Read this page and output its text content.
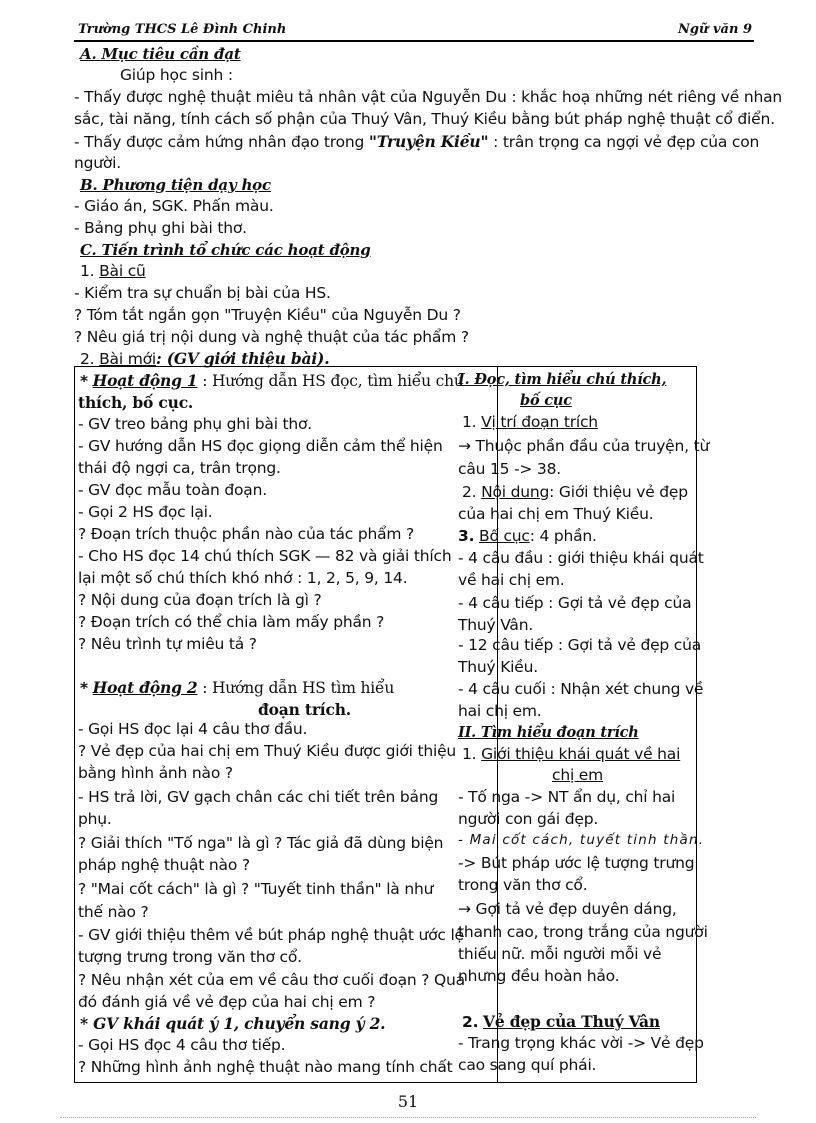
Trường THCS Lê Đình Chinh	Ngữ văn 9
A. Mục tiêu cần đạt
Giúp học sinh :
- Thấy được nghệ thuật miêu tả nhân vật của Nguyễn Du : khắc hoạ những nét riêng về nhan
sắc, tài năng, tính cách số phận của Thuý Vân, Thuý Kiều bằng bút pháp nghệ thuật cổ điển.
- Thấy được cảm hứng nhân đạo trong "Truyện Kiều" : trân trọng ca ngợi vẻ đẹp của con
người.
B. Phương tiện dạy học
- Giáo án, SGK. Phấn màu.
- Bảng phụ ghi bài thơ.
C. Tiến trình tổ chức các hoạt động
1. Bài cũ
- Kiểm tra sự chuẩn bị bài của HS.
? Tóm tắt ngắn gọn "Truyện Kiều" của Nguyễn Du ?
? Nêu giá trị nội dung và nghệ thuật của tác phẩm ?
2. Bài mới: (GV giới thiệu bài).
* Hoạt động 1 : Hướng dẫn HS đọc, tìm hiểu chú
thích, bố cục.
- GV treo bảng phụ ghi bài thơ.
- GV hướng dẫn HS đọc giọng diễn cảm thể hiện
thái độ ngợi ca, trân trọng.
- GV đọc mẫu toàn đoạn.
- Gọi 2 HS đọc lại.
? Đoạn trích thuộc phần nào của tác phẩm ?
- Cho HS đọc 14 chú thích SGK — 82 và giải thích
lại một số chú thích khó nhớ : 1, 2, 5, 9, 14.
? Nội dung của đoạn trích là gì ?
? Đoạn trích có thể chia làm mấy phần ?
? Nêu trình tự miêu tả ?
* Hoạt động 2 : Hướng dẫn HS tìm hiểu
đoạn trích.
- Gọi HS đọc lại 4 câu thơ đầu.
? Vẻ đẹp của hai chị em Thuý Kiều được giới thiệu
bằng hình ảnh nào ?
- HS trả lời, GV gạch chân các chi tiết trên bảng
phụ.
? Giải thích "Tố nga" là gì ? Tác giả đã dùng biện
pháp nghệ thuật nào ?
? "Mai cốt cách" là gì ? "Tuyết tinh thần" là như
thế nào ?
- GV giới thiệu thêm về bút pháp nghệ thuật ước lệ
tượng trưng trong văn thơ cổ.
? Nêu nhận xét của em về câu thơ cuối đoạn ? Qua
đó đánh giá về vẻ đẹp của hai chị em ?
* GV khái quát ý 1, chuyển sang ý 2.
- Gọi HS đọc 4 câu thơ tiếp.
? Những hình ảnh nghệ thuật nào mang tính chất
I. Đọc, tìm hiểu chú thích,
bố cục
1. Vị trí đoạn trích
→ Thuộc phần đầu của truyện, từ
câu 15 -> 38.
2. Nội dung: Giới thiệu vẻ đẹp
của hai chị em Thuý Kiều.
3. Bố cục: 4 phần.
- 4 câu đầu : giới thiệu khái quát
về hai chị em.
- 4 câu tiếp : Gợi tả vẻ đẹp của
Thuý Vân.
- 12 câu tiếp : Gợi tả vẻ đẹp của
Thuý Kiều.
- 4 câu cuối : Nhận xét chung về
hai chị em.
II. Tìm hiểu đoạn trích
1. Giới thiệu khái quát về hai
chị em
- Tố nga -> NT ẩn dụ, chỉ hai
người con gái đẹp.
- Mai cốt cách, tuyết tinh thần.
-> Bút pháp ước lệ tượng trưng
trong văn thơ cổ.
→ Gợi tả vẻ đẹp duyên dáng,
thanh cao, trong trắng của người
thiếu nữ. mỗi người mỗi vẻ
nhưng đều hoàn hảo.
2. Vẻ đẹp của Thuý Vân
- Trang trọng khác vời -> Vẻ đẹp
cao sang quí phái.
51
